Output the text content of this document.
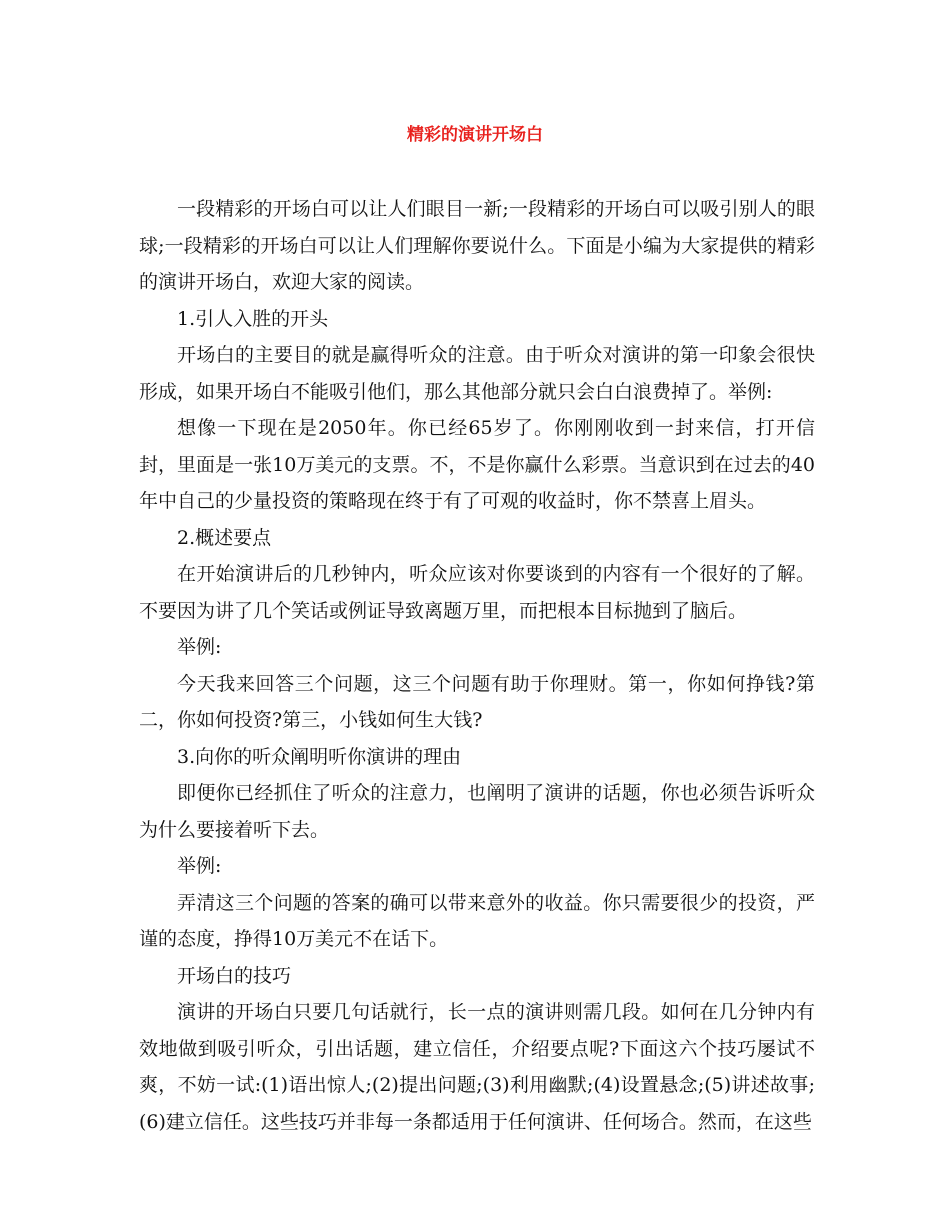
精彩的演讲开场白

一段精彩的开场白可以让人们眼目一新;一段精彩的开场白可以吸引别人的眼球;一段精彩的开场白可以让人们理解你要说什么。下面是小编为大家提供的精彩的演讲开场白，欢迎大家的阅读。

1.引人入胜的开头

开场白的主要目的就是赢得听众的注意。由于听众对演讲的第一印象会很快形成，如果开场白不能吸引他们，那么其他部分就只会白白浪费掉了。举例:

想像一下现在是2050年。你已经65岁了。你刚刚收到一封来信，打开信封，里面是一张10万美元的支票。不，不是你赢什么彩票。当意识到在过去的40年中自己的少量投资的策略现在终于有了可观的收益时，你不禁喜上眉头。

2.概述要点

在开始演讲后的几秒钟内，听众应该对你要谈到的内容有一个很好的了解。不要因为讲了几个笑话或例证导致离题万里，而把根本目标抛到了脑后。

举例:

今天我来回答三个问题，这三个问题有助于你理财。第一，你如何挣钱?第二，你如何投资?第三，小钱如何生大钱?

3.向你的听众阐明听你演讲的理由

即便你已经抓住了听众的注意力，也阐明了演讲的话题，你也必须告诉听众为什么要接着听下去。

举例:

弄清这三个问题的答案的确可以带来意外的收益。你只需要很少的投资，严谨的态度，挣得10万美元不在话下。

开场白的技巧

演讲的开场白只要几句话就行，长一点的演讲则需几段。如何在几分钟内有效地做到吸引听众，引出话题，建立信任，介绍要点呢?下面这六个技巧屡试不爽，不妨一试:(1)语出惊人;(2)提出问题;(3)利用幽默;(4)设置悬念;(5)讲述故事;(6)建立信任。这些技巧并非每一条都适用于任何演讲、任何场合。然而，在这些
